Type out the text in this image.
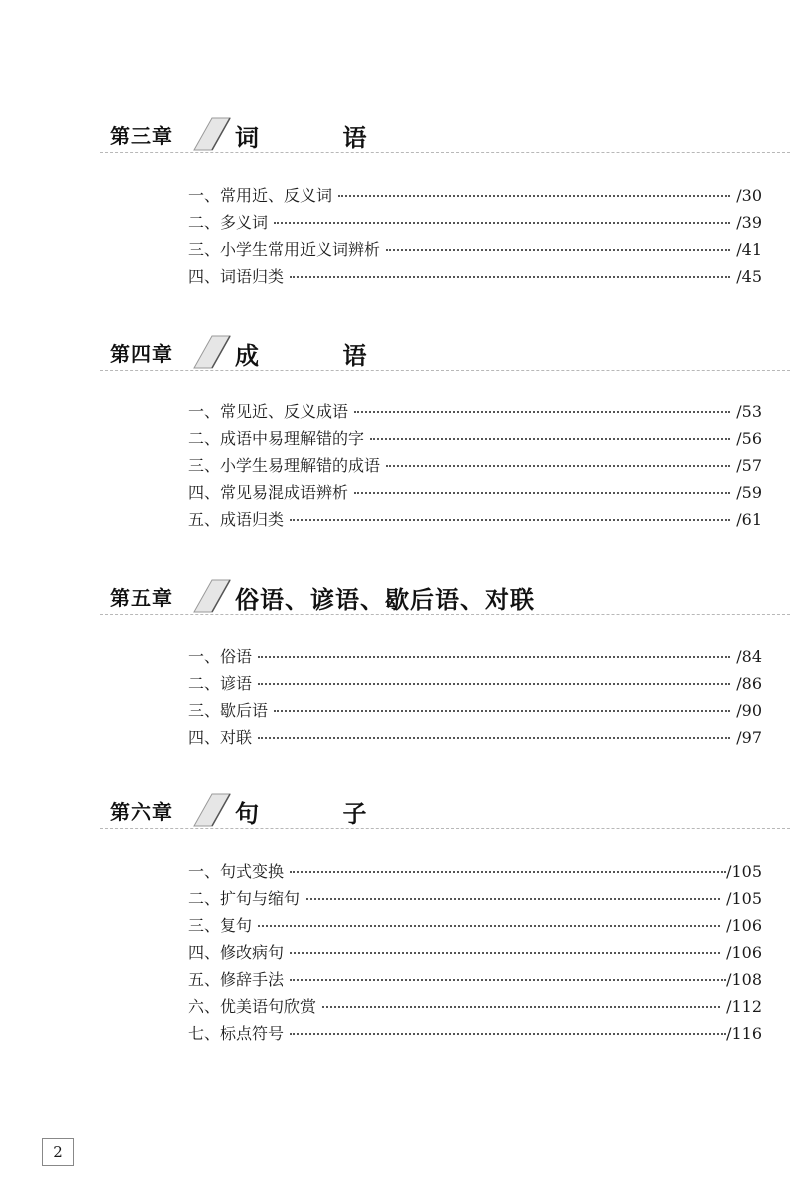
第三章	词          语
一、常用近、反义词	/30
二、多义词	/39
三、小学生常用近义词辨析	/41
四、词语归类	/45
第四章	成          语
一、常见近、反义成语	/53
二、成语中易理解错的字	/56
三、小学生易理解错的成语	/57
四、常见易混成语辨析	/59
五、成语归类	/61
第五章	俗语、谚语、歇后语、对联
一、俗语	/84
二、谚语	/86
三、歇后语	/90
四、对联	/97
第六章	句          子
一、句式变换	/105
二、扩句与缩句	/105
三、复句	/106
四、修改病句	/106
五、修辞手法	/108
六、优美语句欣赏	/112
七、标点符号	/116
2
